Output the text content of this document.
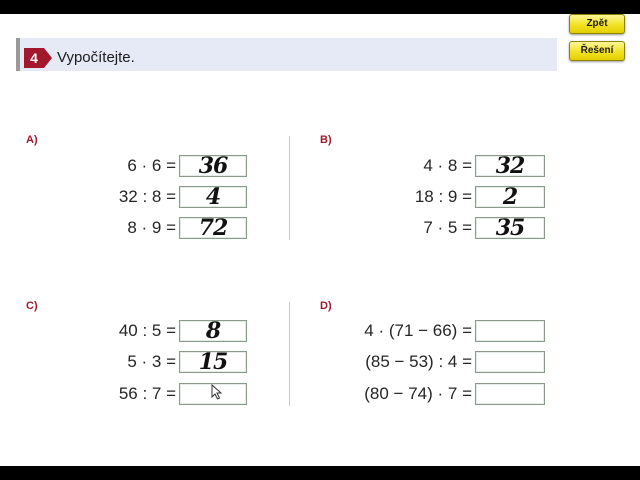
4	Vypočítejte.
Zpět
Řešení
A)
6 · 6 =	36
32 : 8 =	4
8 · 9 =	72
B)
4 · 8 =	32
18 : 9 =	2
7 · 5 =	35
C)
40 : 5 =	8
5 · 3 =	15
56 : 7 =
D)
4 · (71 − 66) =
(85 − 53) : 4 =
(80 − 74) · 7 =
